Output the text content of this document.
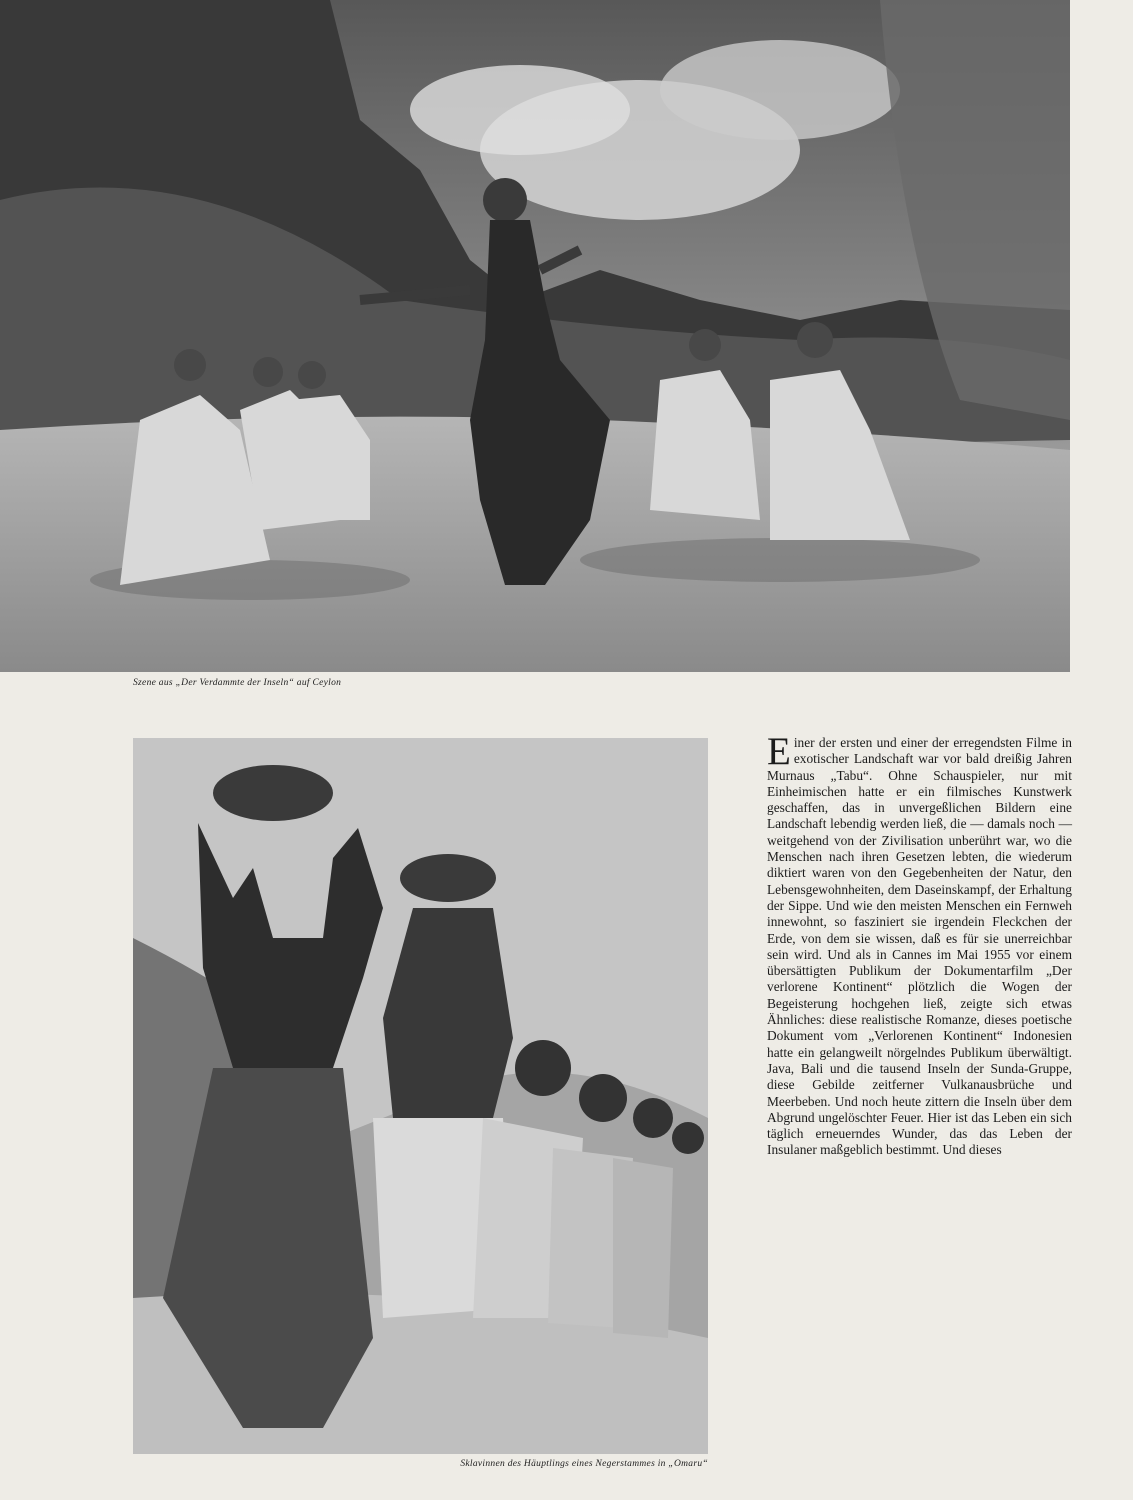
Szene aus „Der Verdammte der Inseln“ auf Ceylon
Sklavinnen des Häuptlings eines Negerstammes in „Omaru“

Einer der ersten und einer der erregendsten Filme in exotischer Landschaft war vor bald dreißig Jahren Murnaus „Tabu“. Ohne Schauspieler, nur mit Einheimischen hatte er ein filmisches Kunstwerk geschaffen, das in unvergeßlichen Bildern eine Landschaft lebendig werden ließ, die — damals noch — weitgehend von der Zivilisation unberührt war, wo die Menschen nach ihren Gesetzen lebten, die wiederum diktiert waren von den Gegebenheiten der Natur, den Lebensgewohnheiten, dem Daseinskampf, der Erhaltung der Sippe. Und wie den meisten Menschen ein Fernweh innewohnt, so fasziniert sie irgendein Fleckchen der Erde, von dem sie wissen, daß es für sie unerreichbar sein wird. Und als in Cannes im Mai 1955 vor einem übersättigten Publikum der Dokumentarfilm „Der verlorene Kontinent“ plötzlich die Wogen der Begeisterung hochgehen ließ, zeigte sich etwas Ähnliches: diese realistische Romanze, dieses poetische Dokument vom „Verlorenen Kontinent“ Indonesien hatte ein gelangweilt nörgelndes Publikum überwältigt. Java, Bali und die tausend Inseln der Sunda-Gruppe, diese Gebilde zeitferner Vulkanausbrüche und Meerbeben. Und noch heute zittern die Inseln über dem Abgrund ungelöschter Feuer. Hier ist das Leben ein sich täglich erneuerndes Wunder, das das Leben der Insulaner maßgeblich bestimmt. Und dieses
